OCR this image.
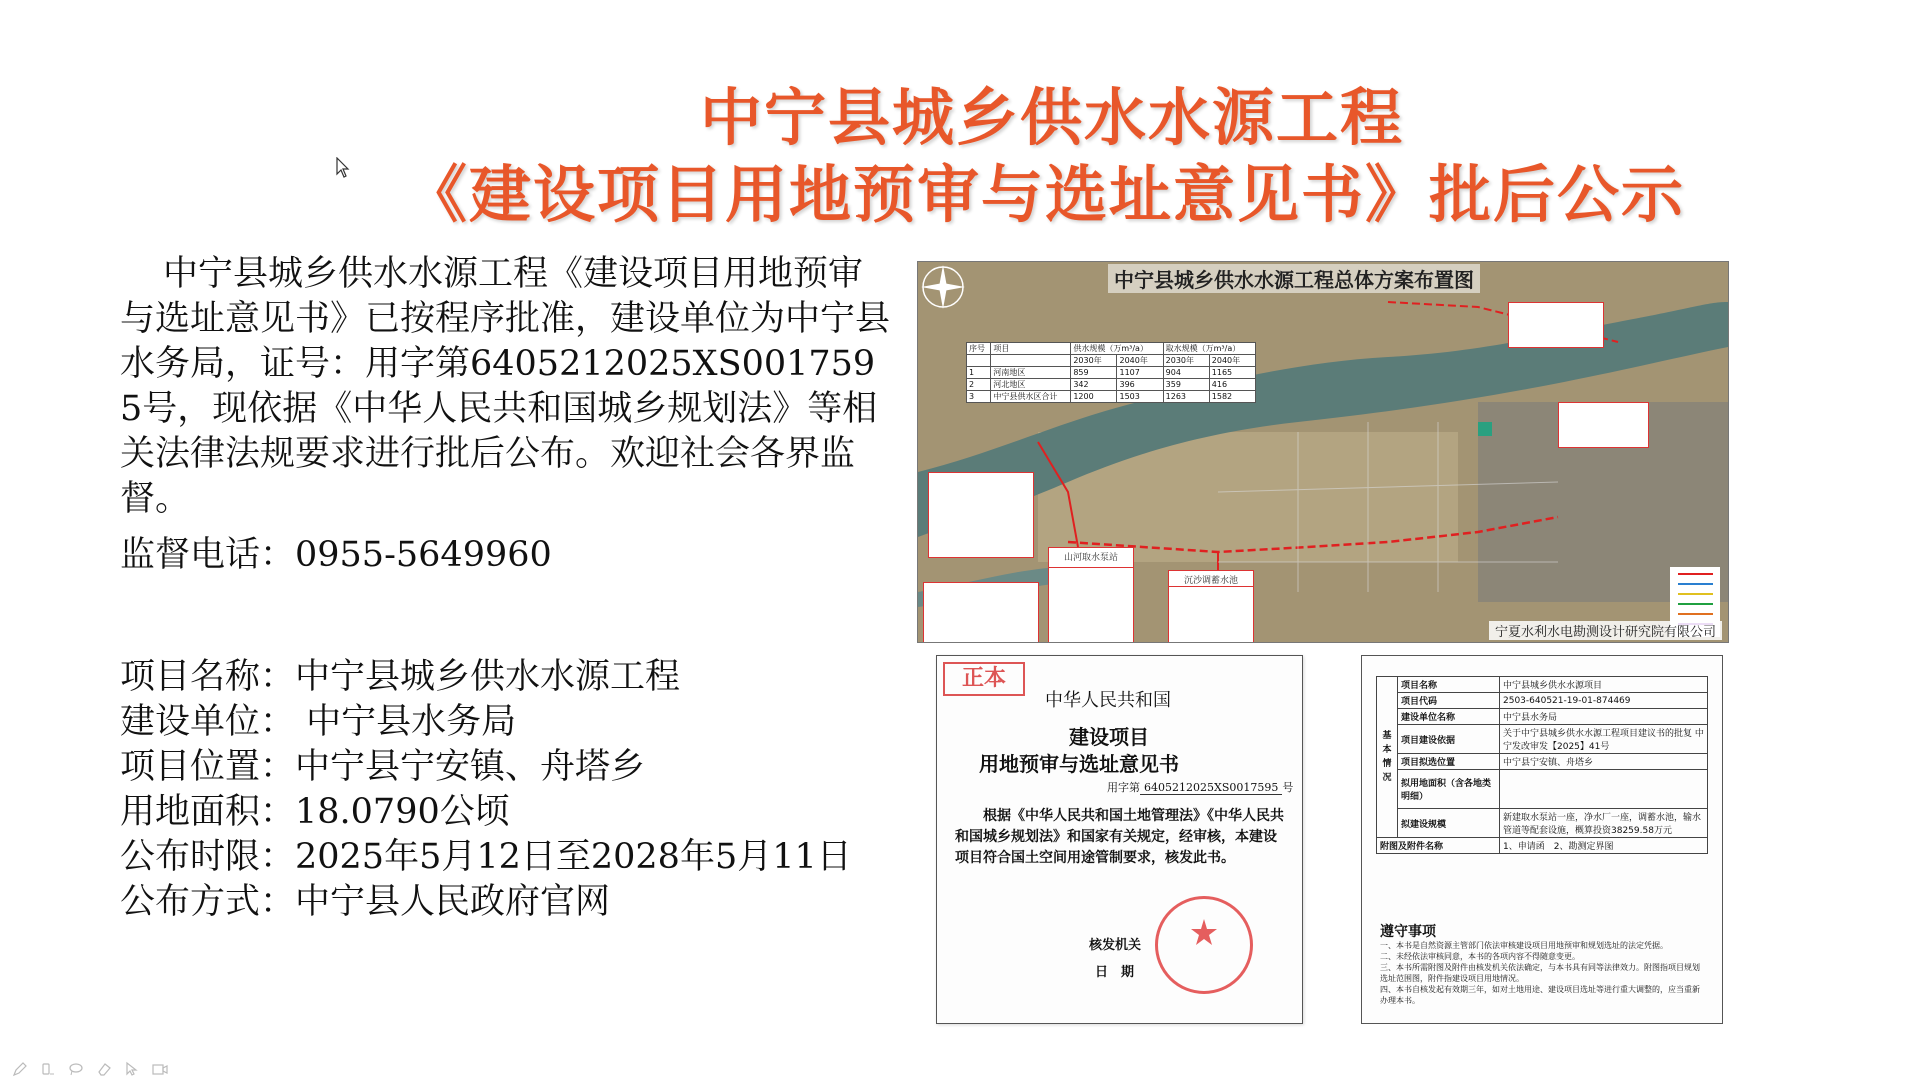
中宁县城乡供水水源工程
《建设项目用地预审与选址意见书》批后公示
中宁县城乡供水水源工程《建设项目用地预审与选址意见书》已按程序批准，建设单位为中宁县水务局，证号：用字第6405212025XS0017595号，现依据《中华人民共和国城乡规划法》等相关法律法规要求进行批后公布。欢迎社会各界监督。
监督电话：0955-5649960
项目名称：中宁县城乡供水水源工程
建设单位： 中宁县水务局
项目位置：中宁县宁安镇、舟塔乡
用地面积：18.0790公顷
公布时限：2025年5月12日至2028年5月11日
公布方式：中宁县人民政府官网
中宁县城乡供水水源工程总体方案布置图
序号	项目	供水规模（万m³/a）		取水规模（万m³/a）	
		2030年	2040年	2030年	2040年
1	河南地区	859	1107	904	1165
2	河北地区	342	396	359	416
3	中宁县供水区合计	1200	1503	1263	1582
山河取水泵站
沉沙调蓄水池
宁夏水利水电勘测设计研究院有限公司
正本
中华人民共和国
建设项目
用地预审与选址意见书
用字第 6405212025XS0017595 号
根据《中华人民共和国土地管理法》《中华人民共和国城乡规划法》和国家有关规定，经审核，本建设项目符合国土空间用途管制要求，核发此书。
核发机关
日　期
基本情况	项目名称	中宁县城乡供水水源项目
	项目代码	2503-640521-19-01-874469
	建设单位名称	中宁县水务局
	项目建设依据	关于中宁县城乡供水水源工程项目建议书的批复 中宁发改审发【2025】41号
	项目拟选位置	中宁县宁安镇、舟塔乡
	拟用地面积（含各地类明细）	
	拟建设规模	新建取水泵站一座，净水厂一座，调蓄水池，输水管道等配套设施，概算投资38259.58万元
附图及附件名称		1、申请函　2、勘测定界图
遵守事项
一、本书是自然资源主管部门依法审核建设项目用地预审和规划选址的法定凭据。
二、未经依法审核同意，本书的各项内容不得随意变更。
三、本书所需附图及附件由核发机关依法确定，与本书具有同等法律效力。附图指项目规划选址范围图，附件指建设项目用地情况。
四、本书自核发起有效期三年，如对土地用途、建设项目选址等进行重大调整的，应当重新办理本书。
